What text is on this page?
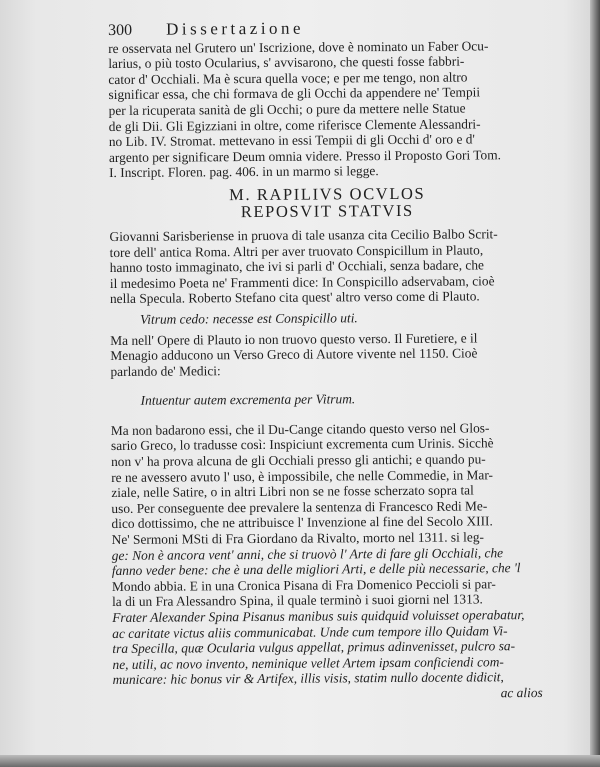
300 Dissertazione
re osservata nel Grutero un' Iscrizione, dove è nominato un Faber Ocu-
larius, o più tosto Ocularius, s' avvisarono, che questi fosse fabbri-
cator d' Occhiali. Ma è scura quella voce; e per me tengo, non altro
significar essa, che chi formava de gli Occhi da appendere ne' Tempii
per la ricuperata sanità de gli Occhi; o pure da mettere nelle Statue
de gli Dii. Gli Egizziani in oltre, come riferisce Clemente Alessandri-
no Lib. IV. Stromat. mettevano in essi Tempii di gli Occhi d' oro e d'
argento per significare Deum omnia videre. Presso il Proposto Gori Tom.
I. Inscript. Floren. pag. 406. in un marmo si legge.
M. RAPILIVS OCVLOS
REPOSVIT STATVIS
Giovanni Sarisberiense in pruova di tale usanza cita Cecilio Balbo Scrit-
tore dell' antica Roma. Altri per aver truovato Conspicillum in Plauto,
hanno tosto immaginato, che ivi si parli d' Occhiali, senza badare, che
il medesimo Poeta ne' Frammenti dice: In Conspicillo adservabam, cioè
nella Specula. Roberto Stefano cita quest' altro verso come di Plauto.
Vitrum cedo: necesse est Conspicillo uti.
Ma nell' Opere di Plauto io non truovo questo verso. Il Furetiere, e il
Menagio adducono un Verso Greco di Autore vivente nel 1150. Cioè
parlando de' Medici:
Intuentur autem excrementa per Vitrum.
Ma non badarono essi, che il Du-Cange citando questo verso nel Glos-
sario Greco, lo tradusse così: Inspiciunt excrementa cum Urinis. Sicchè
non v' ha prova alcuna de gli Occhiali presso gli antichi; e quando pu-
re ne avessero avuto l' uso, è impossibile, che nelle Commedie, in Mar-
ziale, nelle Satire, o in altri Libri non se ne fosse scherzato sopra tal
uso. Per conseguente dee prevalere la sentenza di Francesco Redi Me-
dico dottissimo, che ne attribuisce l' Invenzione al fine del Secolo XIII.
Ne' Sermoni MSti di Fra Giordano da Rivalto, morto nel 1311. si leg-
ge: Non è ancora vent' anni, che si truovò l' Arte di fare gli Occhiali, che
fanno veder bene: che è una delle migliori Arti, e delle più necessarie, che 'l
Mondo abbia. E in una Cronica Pisana di Fra Domenico Peccioli si par-
la di un Fra Alessandro Spina, il quale terminò i suoi giorni nel 1313.
Frater Alexander Spina Pisanus manibus suis quidquid voluisset operabatur,
ac caritate victus aliis communicabat. Unde cum tempore illo Quidam Vi-
tra Specilla, quæ Ocularia vulgus appellat, primus adinvenisset, pulcro sa-
ne, utili, ac novo invento, neminique vellet Artem ipsam conficiendi com-
municare: hic bonus vir & Artifex, illis visis, statim nullo docente didicit,
ac alios
